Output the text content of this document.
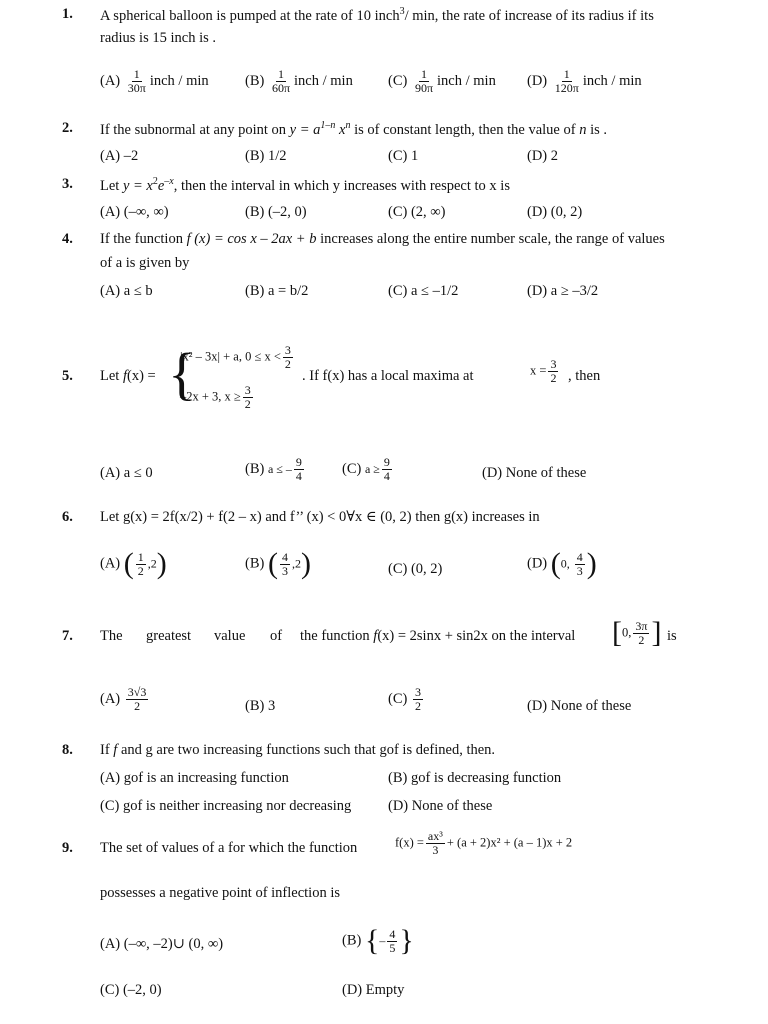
1. A spherical balloon is pumped at the rate of 10 inch$^3$/ min, the rate of increase of its radius if its
radius is 15 inch is .
$(A) \frac{1}{30\pi}$ inch / min	$(B) \frac{1}{60\pi}$ inch / $\min (C) \frac{1}{90\pi}$ inch / $\min (D) \frac{1}{120\pi}$ inch / min
2. If the subnormal at any point on $y = a^{1-n}$ $x^n$ is of constant length, then the value of n is .
(A) –2	(B) 1/2	(C) 1	(D) 2
3. Let $y = x^2e^{-x}$, then the interval in which y increases with respect to x is
(A) (–∞, ∞)	(B) (–2, 0)	(C) (2, ∞)	(D) (0, 2)
4. If the function f (x) = cos x – 2ax + b increases along the entire number scale, the range of values
of a is given by
(A) a ≤ b	(B) a = b/2	(C) a ≤ –1/2	(D) a ≥ –3/2
5. Let f(x) = {
|x² – 3x| + a, $0 \le x < \frac{3}{2}$
–2x + 3, $x \ge \frac{3}{2}$
. If f(x) has a local maxima at	$x = \frac{3}{2}$ , then
(A) a ≤ 0	(B) a ≤ – $\frac{9}{4}$	(C) $a \ge \frac{9}{4}$	(D) None of these
6. Let g(x) = 2f(x/2) + f(2 – x) and f’’ (x) < 0∀x ∈ (0, 2) then g(x) increases in
(A) ( $\frac{1}{2} ,2$)	(B) ( $\frac{4}{3} ,2$)	(C) (0, 2)	(D) (0, $\frac{4}{3}$ )
7. The greatest value of the function f(x) = 2sinx + sin2x on the interval [0, $\frac{3\pi}{2}$ ] is
$(A) \frac{3√3}{2}$	(B) 3	$(C) \frac{3}{2}$	(D) None of these
8. If f and g are two increasing functions such that gof is defined, then.
(A) gof is an increasing function	(B) gof is decreasing function
(C) gof is neither increasing nor decreasing	(D) None of these
9. The set of values of a for which the function	$f(x) = \frac{\text{ax³}}{3} + (a + 2)x^2 + (a - 1)x + 2$
possesses a negative point of inflection is
(A) (–∞, –2)∪ (0, ∞)	(B) {– $\frac{4}{5}$ }
(C) (–2, 0)	(D) Empty
